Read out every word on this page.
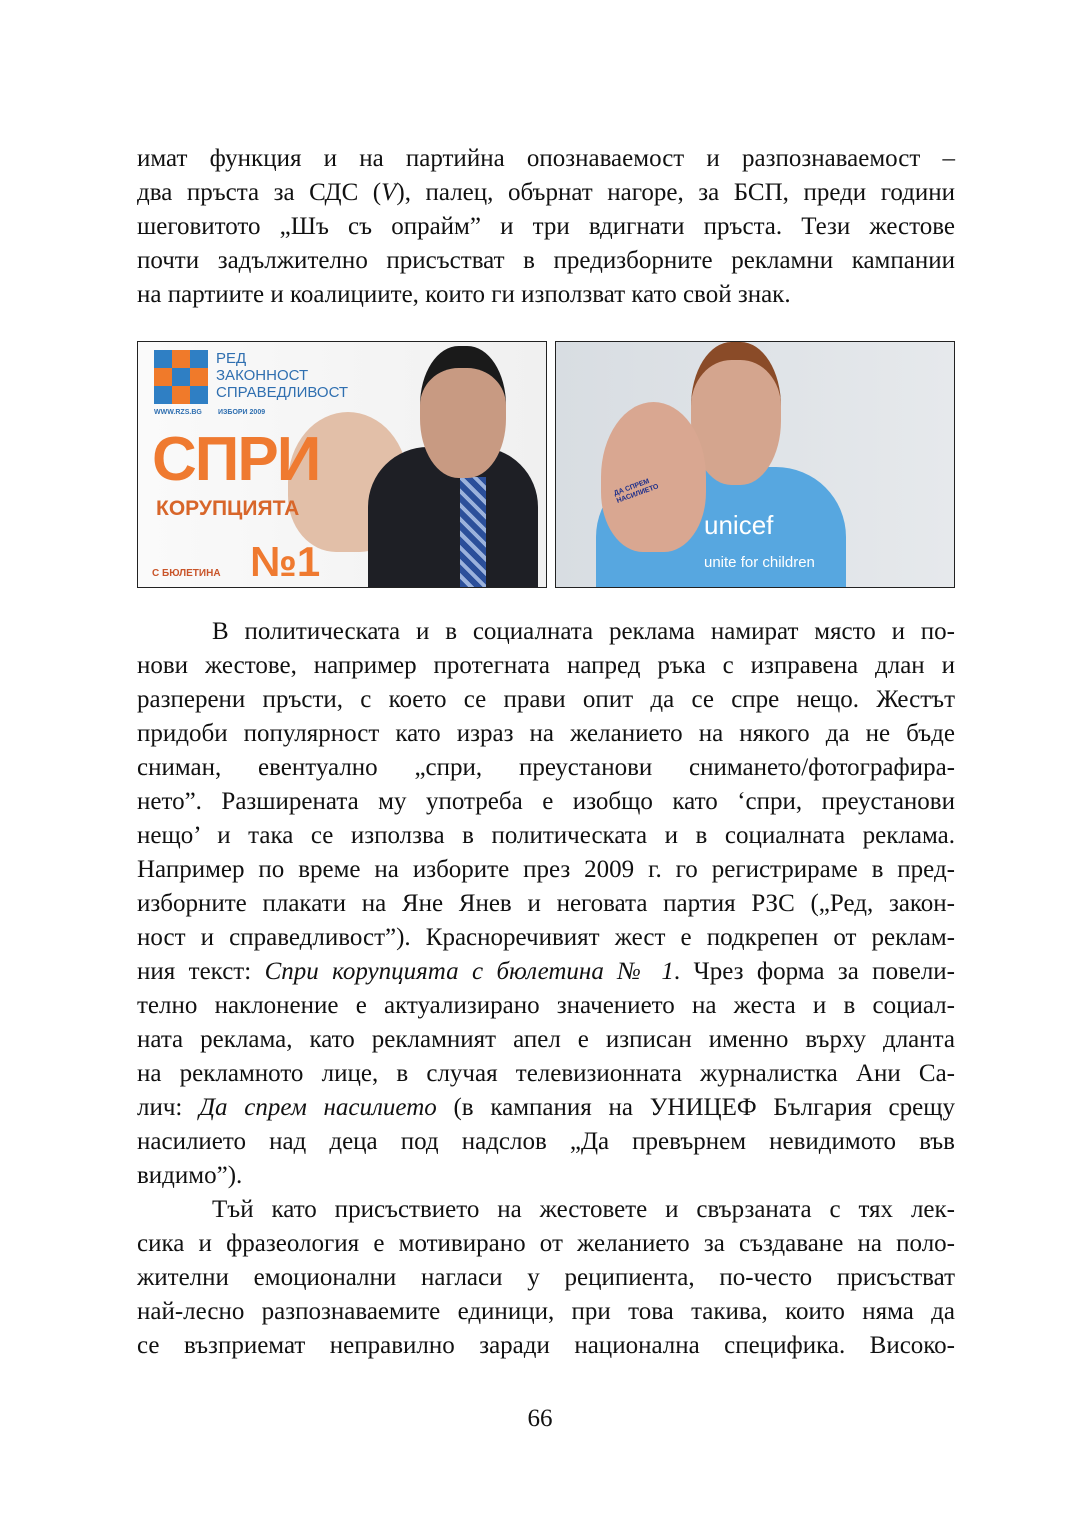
имат функция и на партийна опознаваемост и разпознаваемост –
два пръста за СДС (V), палец, обърнат нагоре, за БСП, преди години
шеговитото „Шъ съ опрайм” и три вдигнати пръста. Тези жестове
почти задължително присъстват в предизборните рекламни кампании
на партиите и коалициите, които ги използват като свой знак.
РЕД
ЗАКОННОСТ
СПРАВЕДЛИВОСТ
WWW.RZS.BG ИЗБОРИ 2009
СПРИ
КОРУПЦИЯТА
С БЮЛЕТИНА №1
ДА СПРЕМ НАСИЛИЕТО
unicef
unite for children
В политическата и в социалната реклама намират място и по-
нови жестове, например протегната напред ръка с изправена длан и
разперени пръсти, с което се прави опит да се спре нещо. Жестът
придоби популярност като израз на желанието на някого да не бъде
сниман, евентуално „спри, преустанови снимането/фотографира-
нето”. Разширената му употреба е изобщо като ‘спри, преустанови
нещо’ и така се използва в политическата и в социалната реклама.
Например по време на изборите през 2009 г. го регистрираме в пред-
изборните плакати на Яне Янев и неговата партия РЗС („Ред, закон-
ност и справедливост”). Красноречивият жест е подкрепен от реклам-
ния текст: Спри корупцията с бюлетина № 1. Чрез форма за повели-
телно наклонение е актуализирано значението на жеста и в социал-
ната реклама, като рекламният апел е изписан именно върху дланта
на рекламното лице, в случая телевизионната журналистка Ани Са-
лич: Да спрем насилието (в кампания на УНИЦЕФ България срещу
насилието над деца под надслов „Да превърнем невидимото във
видимо”).
Тъй като присъствието на жестовете и свързаната с тях лек-
сика и фразеология е мотивирано от желанието за създаване на поло-
жителни емоционални нагласи у реципиента, по-често присъстват
най-лесно разпознаваемите единици, при това такива, които няма да
се възприемат неправилно заради национална специфика. Високо-
66
